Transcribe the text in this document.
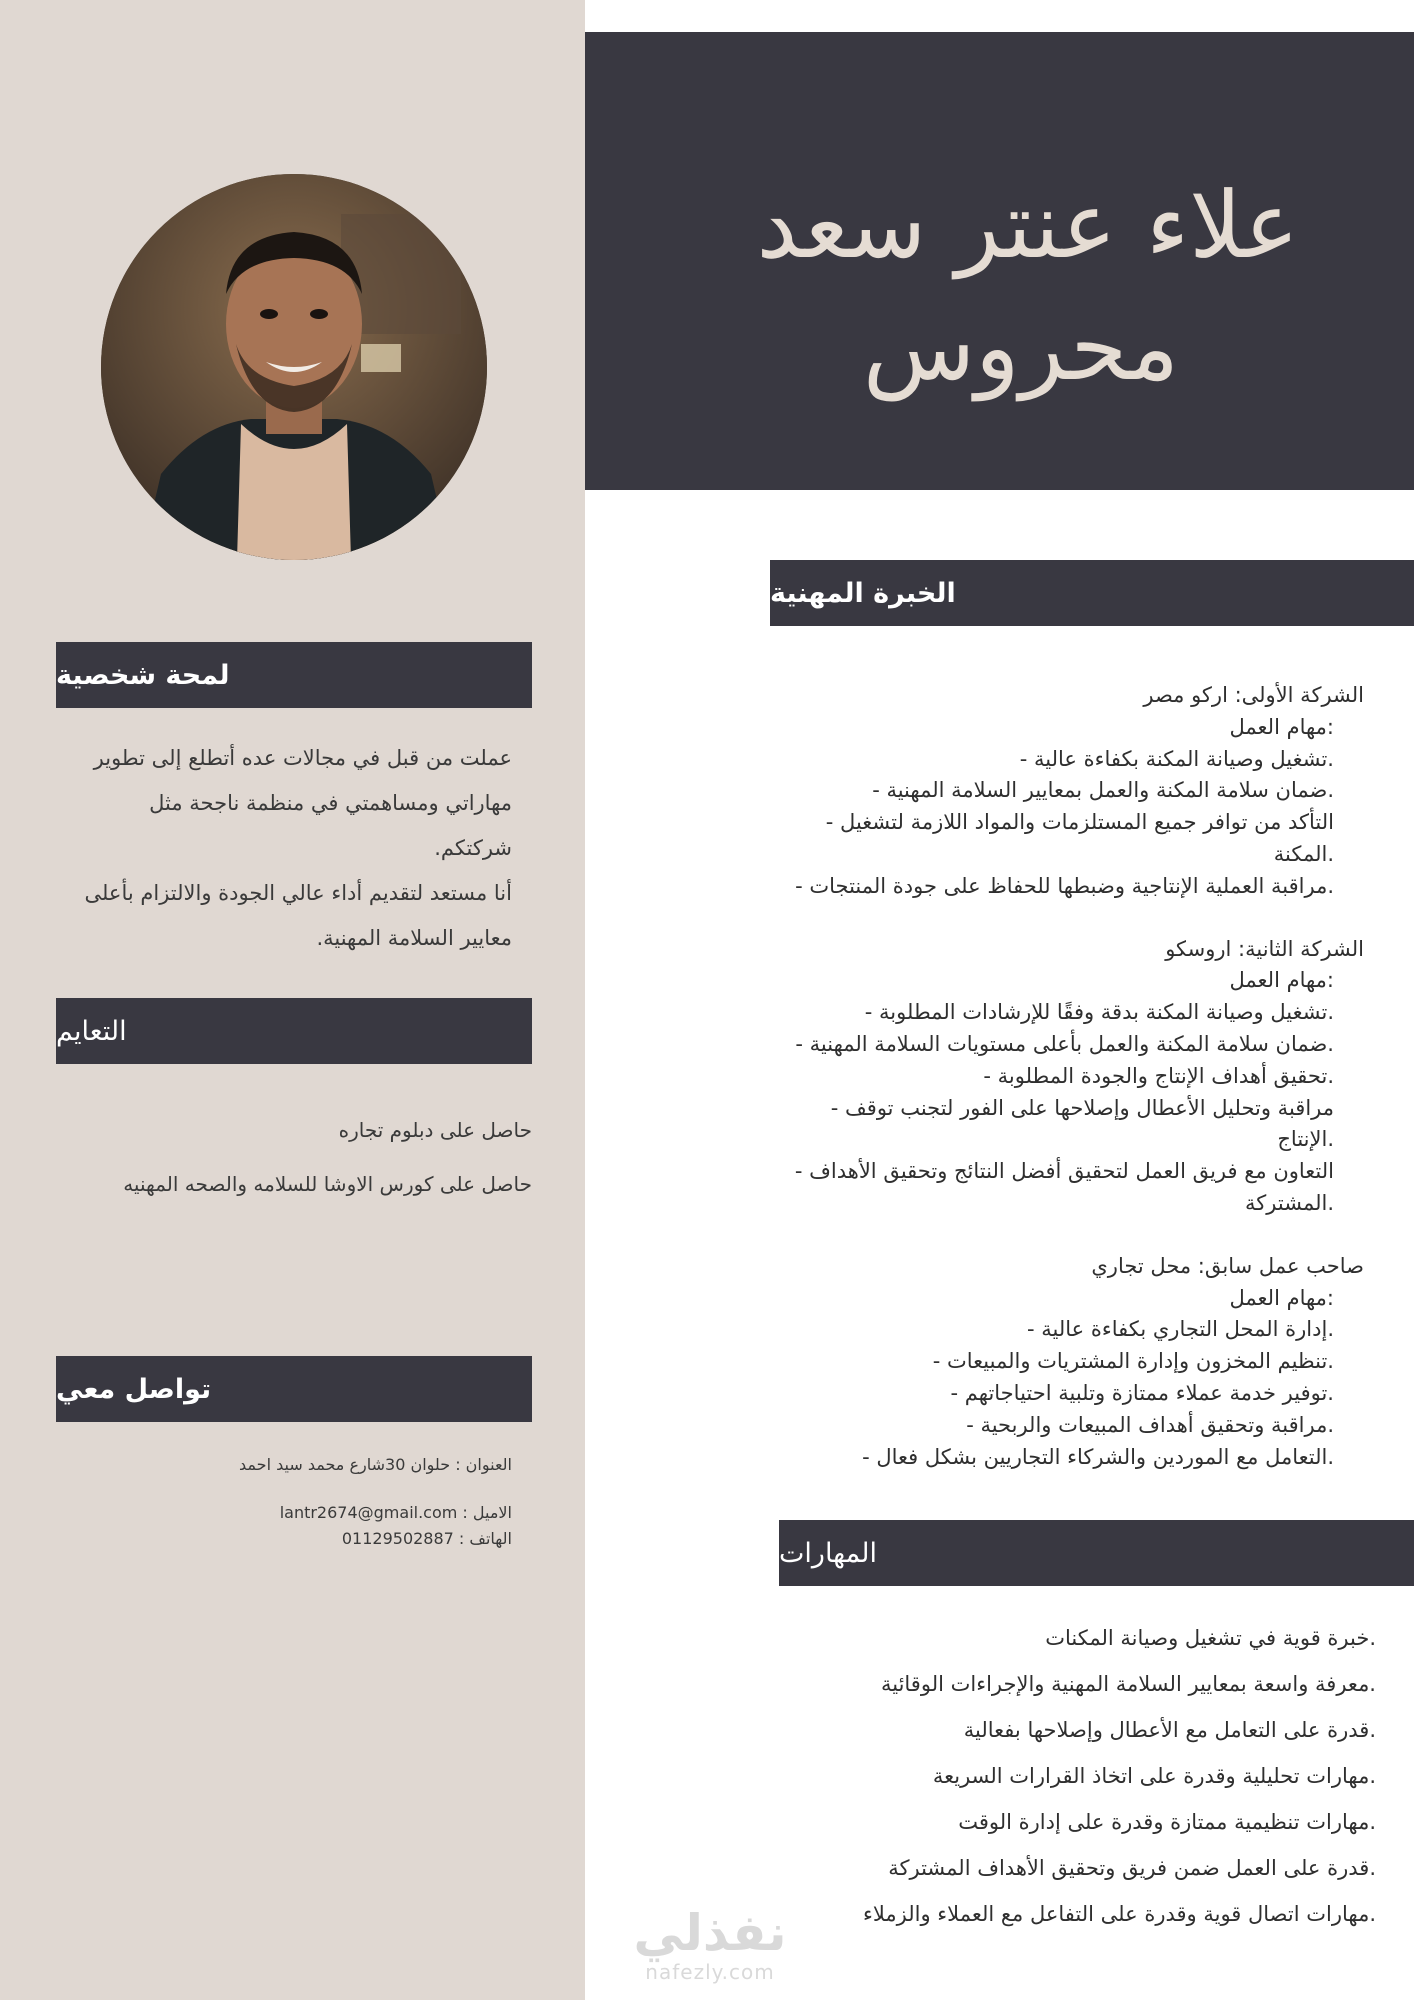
علاء عنتر سعد
محروس
لمحة شخصية

عملت من قبل في مجالات عده أتطلع إلى تطوير

مهاراتي ومساهمتي في منظمة ناجحة مثل

شركتكم.

أنا مستعد لتقديم أداء عالي الجودة والالتزام بأعلى

معايير السلامة المهنية.

التعايم
حاصل على دبلوم تجاره
حاصل على كورس الاوشا للسلامه والصحه المهنيه
تواصل معي
العنوان : حلوان 30شارع محمد سيد احمد
الاميل : lantr2674@gmail.com
الهاتف : 01129502887
الخبرة المهنية
الشركة الأولى: اركو مصر
:مهام العمل
.تشغيل وصيانة المكنة بكفاءة عالية -
.ضمان سلامة المكنة والعمل بمعايير السلامة المهنية -
التأكد من توافر جميع المستلزمات والمواد اللازمة لتشغيل -
.المكنة
.مراقبة العملية الإنتاجية وضبطها للحفاظ على جودة المنتجات -
الشركة الثانية: اروسكو
:مهام العمل
.تشغيل وصيانة المكنة بدقة وفقًا للإرشادات المطلوبة -
.ضمان سلامة المكنة والعمل بأعلى مستويات السلامة المهنية -
.تحقيق أهداف الإنتاج والجودة المطلوبة -
مراقبة وتحليل الأعطال وإصلاحها على الفور لتجنب توقف -
.الإنتاج
التعاون مع فريق العمل لتحقيق أفضل النتائج وتحقيق الأهداف -
.المشتركة
صاحب عمل سابق: محل تجاري
:مهام العمل
.إدارة المحل التجاري بكفاءة عالية -
.تنظيم المخزون وإدارة المشتريات والمبيعات -
.توفير خدمة عملاء ممتازة وتلبية احتياجاتهم -
.مراقبة وتحقيق أهداف المبيعات والربحية -
.التعامل مع الموردين والشركاء التجاريين بشكل فعال -
المهارات
.خبرة قوية في تشغيل وصيانة المكنات
.معرفة واسعة بمعايير السلامة المهنية والإجراءات الوقائية
.قدرة على التعامل مع الأعطال وإصلاحها بفعالية
.مهارات تحليلية وقدرة على اتخاذ القرارات السريعة
.مهارات تنظيمية ممتازة وقدرة على إدارة الوقت
.قدرة على العمل ضمن فريق وتحقيق الأهداف المشتركة
.مهارات اتصال قوية وقدرة على التفاعل مع العملاء والزملاء
نفذلي
nafezly.com
